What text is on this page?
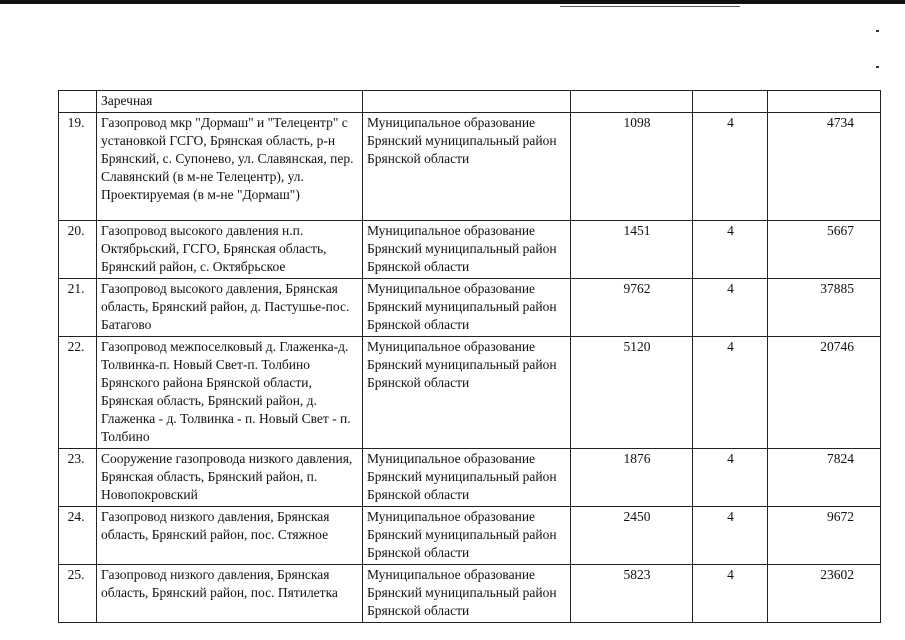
	Заречная				
19.	Газопровод мкр "Дормаш" и "Телецентр" с установкой ГСГО, Брянская область, р-н Брянский, с. Супонево, ул. Славянская, пер. Славянский (в м-не Телецентр), ул. Проектируемая (в м-не "Дормаш")	Муниципальное образование Брянский муниципальный район Брянской области	1098	4	4734
20.	Газопровод высокого давления н.п. Октябрьский, ГСГО, Брянская область, Брянский район, с. Октябрьское	Муниципальное образование Брянский муниципальный район Брянской области	1451	4	5667
21.	Газопровод высокого давления, Брянская область, Брянский район, д. Пастушье-пос. Батагово	Муниципальное образование Брянский муниципальный район Брянской области	9762	4	37885
22.	Газопровод межпоселковый д. Глаженка-д. Толвинка-п. Новый Свет-п. Толбино Брянского района Брянской области, Брянская область, Брянский район, д. Глаженка - д. Толвинка - п. Новый Свет - п. Толбино	Муниципальное образование Брянский муниципальный район Брянской области	5120	4	20746
23.	Сооружение газопровода низкого давления, Брянская область, Брянский район, п. Новопокровский	Муниципальное образование Брянский муниципальный район Брянской области	1876	4	7824
24.	Газопровод низкого давления, Брянская область, Брянский район, пос. Стяжное	Муниципальное образование Брянский муниципальный район Брянской области	2450	4	9672
25.	Газопровод низкого давления, Брянская область, Брянский район, пос. Пятилетка	Муниципальное образование Брянский муниципальный район Брянской области	5823	4	23602
